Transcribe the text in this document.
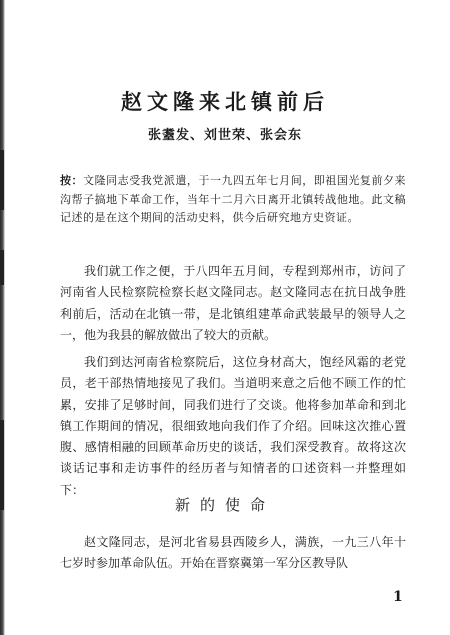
赵文隆来北镇前后
张耋发、刘世荣、张会东
按：文隆同志受我党派遣，于一九四五年七月间，即祖国光复前夕来沟帮子搞地下革命工作，当年十二月六日离开北镇转战他地。此文稿记述的是在这个期间的活动史料，供今后研究地方史资证。

我们就工作之便，于八四年五月间，专程到郑州市，访问了河南省人民检察院检察长赵文隆同志。赵文隆同志在抗日战争胜利前后，活动在北镇一带，是北镇组建革命武装最早的领导人之一，他为我县的解放做出了较大的贡献。

我们到达河南省检察院后，这位身材高大，饱经风霜的老党员，老干部热情地接见了我们。当道明来意之后他不顾工作的忙累，安排了足够时间，同我们进行了交谈。他将参加革命和到北镇工作期间的情况，很细致地向我们作了介绍。回味这次推心置腹、感情相融的回顾革命历史的谈话，我们深受教育。故将这次谈话记事和走访事件的经历者与知情者的口述资料一并整理如下：

新的使命

赵文隆同志，是河北省易县西陵乡人，满族，一九三八年十七岁时参加革命队伍。开始在晋察冀第一军分区教导队

1
